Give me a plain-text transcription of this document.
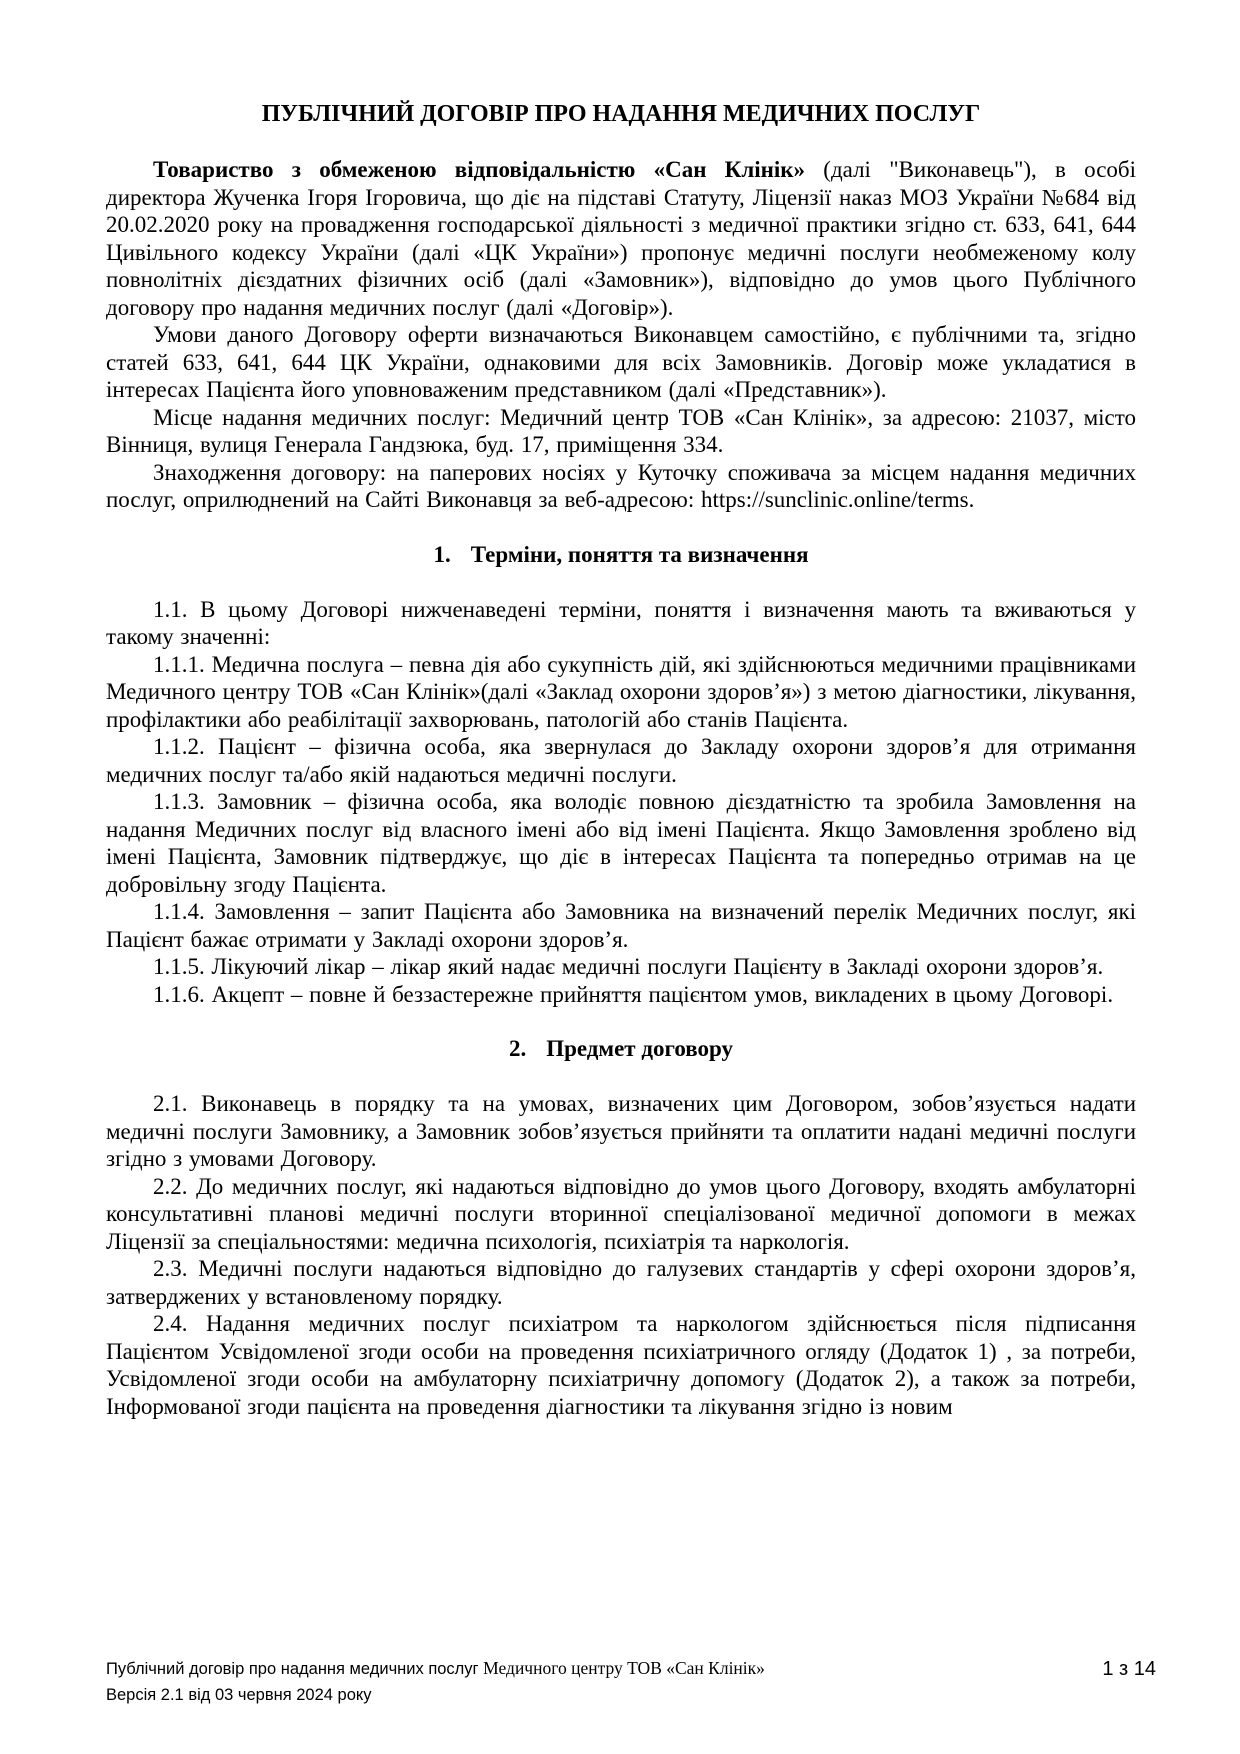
ПУБЛІЧНИЙ ДОГОВІР ПРО НАДАННЯ МЕДИЧНИХ ПОСЛУГ

Товариство з обмеженою відповідальністю «Сан Клінік» (далі "Виконавець"), в особі директора Жученка Ігоря Ігоровича, що діє на підставі Статуту, Ліцензії наказ МОЗ України №684 від 20.02.2020 року на провадження господарської діяльності з медичної практики згідно ст. 633, 641, 644 Цивільного кодексу України (далі «ЦК України») пропонує медичні послуги необмеженому колу повнолітніх дієздатних фізичних осіб (далі «Замовник»), відповідно до умов цього Публічного договору про надання медичних послуг (далі «Договір»).

Умови даного Договору оферти визначаються Виконавцем самостійно, є публічними та, згідно статей 633, 641, 644 ЦК України, однаковими для всіх Замовників. Договір може укладатися в інтересах Пацієнта його уповноваженим представником (далі «Представник»).

Місце надання медичних послуг: Медичний центр ТОВ «Сан Клінік», за адресою: 21037, місто Вінниця, вулиця Генерала Гандзюка, буд. 17, приміщення 334.

Знаходження договору: на паперових носіях у Куточку споживача за місцем надання медичних послуг, оприлюднений на Сайті Виконавця за веб-адресою: https://sunclinic.online/terms.

1. Терміни, поняття та визначення

1.1. В цьому Договорі нижченаведені терміни, поняття і визначення мають та вживаються у такому значенні:

1.1.1. Медична послуга – певна дія або сукупність дій, які здійснюються медичними працівниками Медичного центру ТОВ «Сан Клінік»(далі «Заклад охорони здоров’я») з метою діагностики, лікування, профілактики або реабілітації захворювань, патологій або станів Пацієнта.

1.1.2. Пацієнт – фізична особа, яка звернулася до Закладу охорони здоров’я для отримання медичних послуг та/або якій надаються медичні послуги.

1.1.3. Замовник – фізична особа, яка володіє повною дієздатністю та зробила Замовлення на надання Медичних послуг від власного імені або від імені Пацієнта. Якщо Замовлення зроблено від імені Пацієнта, Замовник підтверджує, що діє в інтересах Пацієнта та попередньо отримав на це добровільну згоду Пацієнта.

1.1.4. Замовлення – запит Пацієнта або Замовника на визначений перелік Медичних послуг, які Пацієнт бажає отримати у Закладі охорони здоров’я.

1.1.5. Лікуючий лікар – лікар який надає медичні послуги Пацієнту в Закладі охорони здоров’я.

1.1.6. Акцепт – повне й беззастережне прийняття пацієнтом умов, викладених в цьому Договорі.

2. Предмет договору

2.1. Виконавець в порядку та на умовах, визначених цим Договором, зобов’язується надати медичні послуги Замовнику, а Замовник зобов’язується прийняти та оплатити надані медичні послуги згідно з умовами Договору.

2.2. До медичних послуг, які надаються відповідно до умов цього Договору, входять амбулаторні консультативні планові медичні послуги вторинної спеціалізованої медичної допомоги в межах Ліцензії за спеціальностями: медична психологія, психіатрія та наркологія.

2.3. Медичні послуги надаються відповідно до галузевих стандартів у сфері охорони здоров’я, затверджених у встановленому порядку.

2.4. Надання медичних послуг психіатром та наркологом здійснюється після підписання Пацієнтом Усвідомленої згоди особи на проведення психіатричного огляду (Додаток 1) , за потреби, Усвідомленої згоди особи на амбулаторну психіатричну допомогу (Додаток 2), а також за потреби, Інформованої згоди пацієнта на проведення діагностики та лікування згідно із новим

Публічний договір про надання медичних послуг Медичного центру ТОВ «Сан Клінік»
Версія 2.1 від 03 червня 2024 року
1 з 14
